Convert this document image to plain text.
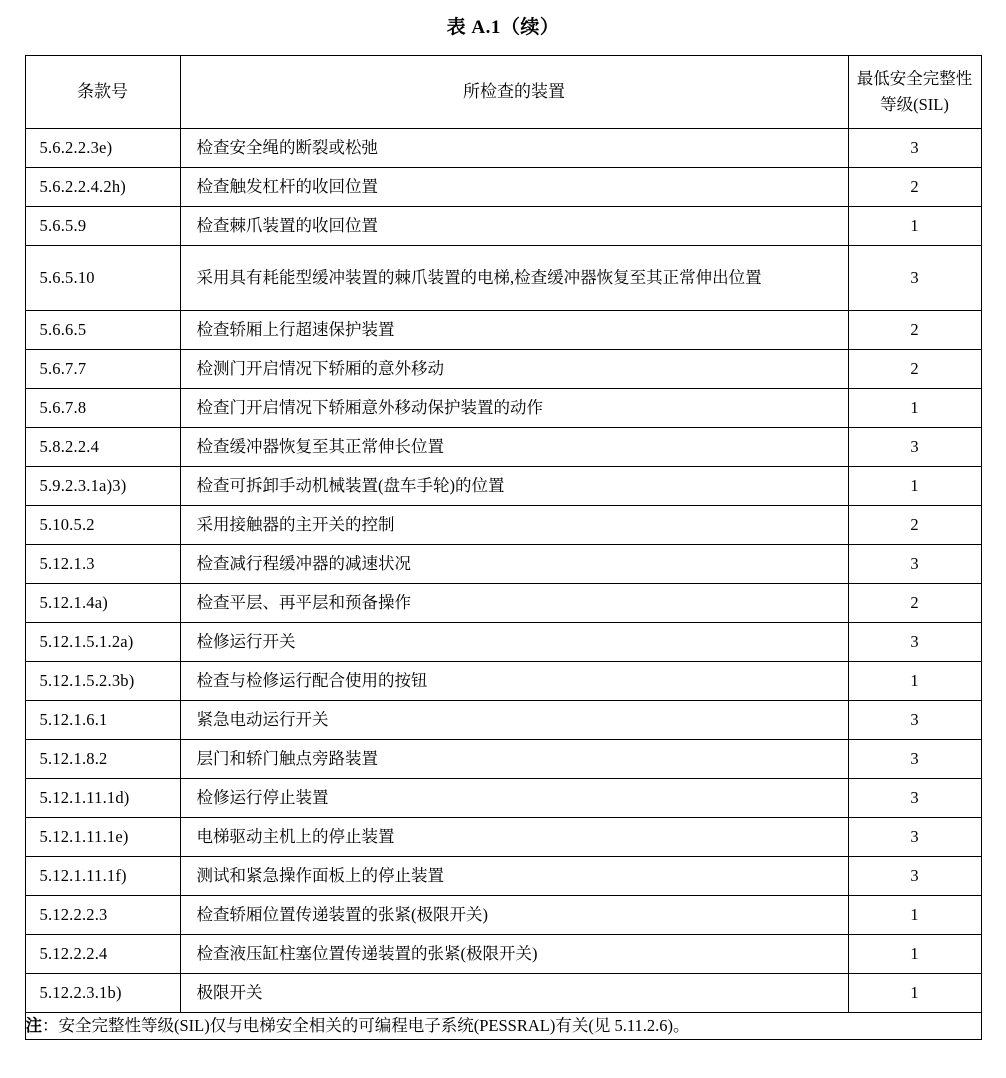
表 A.1（续）
条款号	所检查的装置	最低安全完整性
等级(SIL)

5.6.2.2.3e)	检查安全绳的断裂或松弛	3
5.6.2.2.4.2h)	检查触发杠杆的收回位置	2
5.6.5.9	检查棘爪装置的收回位置	1
5.6.5.10	采用具有耗能型缓冲装置的棘爪装置的电梯,检查缓冲器恢复至其正常伸出位置	3
5.6.6.5	检查轿厢上行超速保护装置	2
5.6.7.7	检测门开启情况下轿厢的意外移动	2
5.6.7.8	检查门开启情况下轿厢意外移动保护装置的动作	1
5.8.2.2.4	检查缓冲器恢复至其正常伸长位置	3
5.9.2.3.1a)3)	检查可拆卸手动机械装置(盘车手轮)的位置	1
5.10.5.2	采用接触器的主开关的控制	2
5.12.1.3	检查减行程缓冲器的减速状况	3
5.12.1.4a)	检查平层、再平层和预备操作	2
5.12.1.5.1.2a)	检修运行开关	3
5.12.1.5.2.3b)	检查与检修运行配合使用的按钮	1
5.12.1.6.1	紧急电动运行开关	3
5.12.1.8.2	层门和轿门触点旁路装置	3
5.12.1.11.1d)	检修运行停止装置	3
5.12.1.11.1e)	电梯驱动主机上的停止装置	3
5.12.1.11.1f)	测试和紧急操作面板上的停止装置	3
5.12.2.2.3	检查轿厢位置传递装置的张紧(极限开关)	1
5.12.2.2.4	检查液压缸柱塞位置传递装置的张紧(极限开关)	1
5.12.2.3.1b)	极限开关	1
注：安全完整性等级(SIL)仅与电梯安全相关的可编程电子系统(PESSRAL)有关(见 5.11.2.6)。		
